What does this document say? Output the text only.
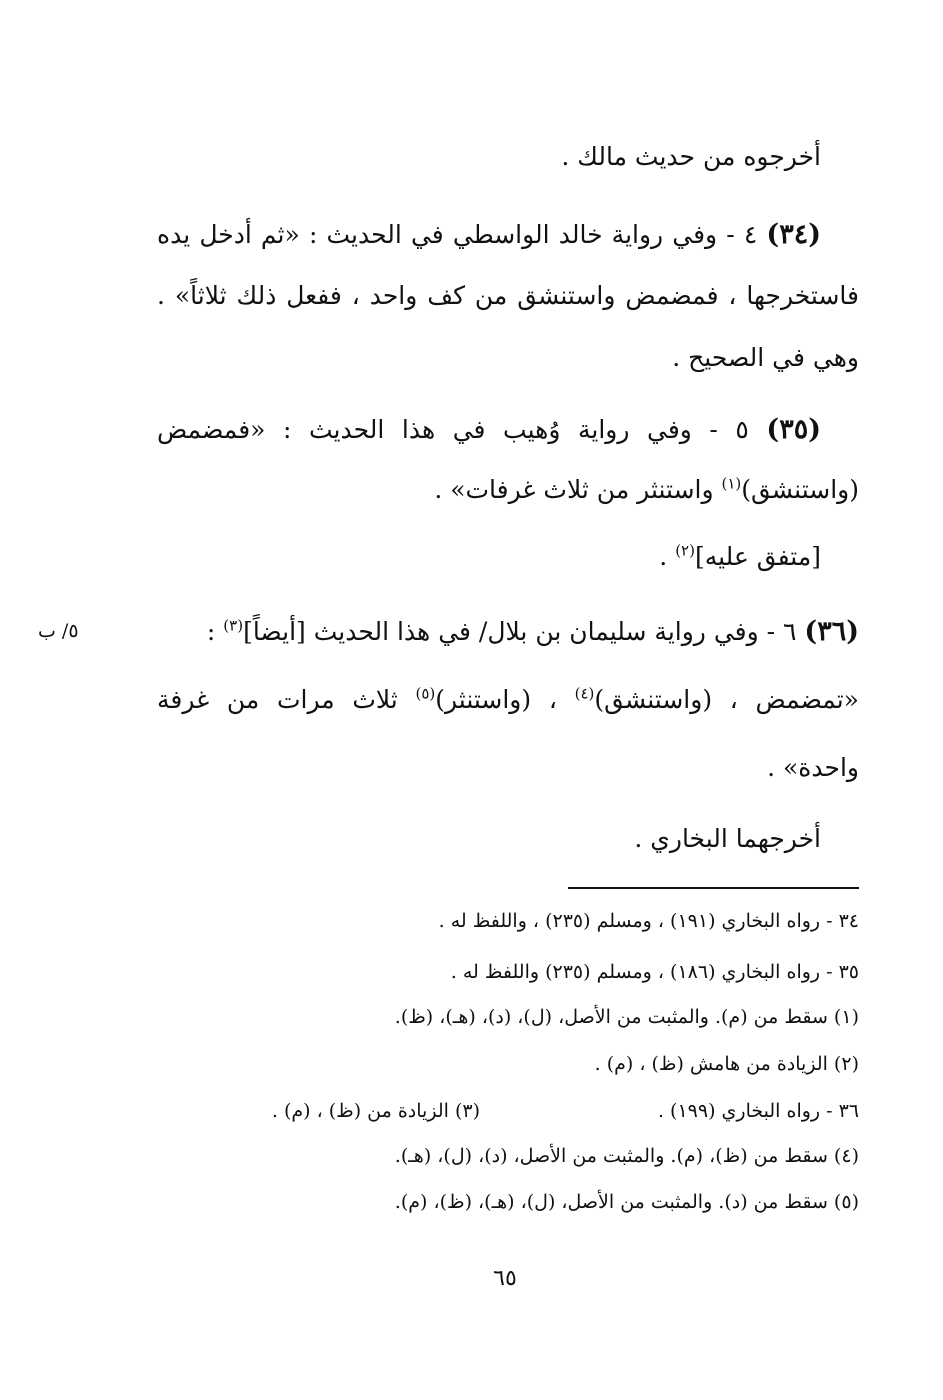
أخرجوه من حديث مالك .
(٣٤) ٤ - وفي رواية خالد الواسطي في الحديث : «ثم أدخل يده
فاستخرجها ، فمضمض واستنشق من كف واحد ، ففعل ذلك ثلاثاً» .
وهي في الصحيح .
(٣٥) ٥ - وفي رواية وُهيب في هذا الحديث : «فمضمض
(واستنشق)$^{(١)}$ واستنثر من ثلاث غرفات» .
[متفق عليه]$^{(٢)}$ .
(٣٦) ٦ - وفي رواية سليمان بن بلال/ في هذا الحديث [أيضاً]$^{(٣)}$ :
«تمضمض ، (واستنشق)$^{(٤)}$ ، (واستنثر)$^{(٥)}$ ثلاث مرات من غرفة
واحدة» .
أخرجهما البخاري .
٥/ ب
٣٤ - رواه البخاري (١٩١) ، ومسلم (٢٣٥) ، واللفظ له .
٣٥ - رواه البخاري (١٨٦) ، ومسلم (٢٣٥) واللفظ له .
(١) سقط من (م). والمثبت من الأصل، (ل)، (د)، (هـ)، (ظ).
(٢) الزيادة من هامش (ظ) ، (م) .
٣٦ - رواه البخاري (١٩٩) .
(٣) الزيادة من (ظ) ، (م) .
(٤) سقط من (ظ)، (م). والمثبت من الأصل، (د)، (ل)، (هـ).
(٥) سقط من (د). والمثبت من الأصل، (ل)، (هـ)، (ظ)، (م).
٦٥
